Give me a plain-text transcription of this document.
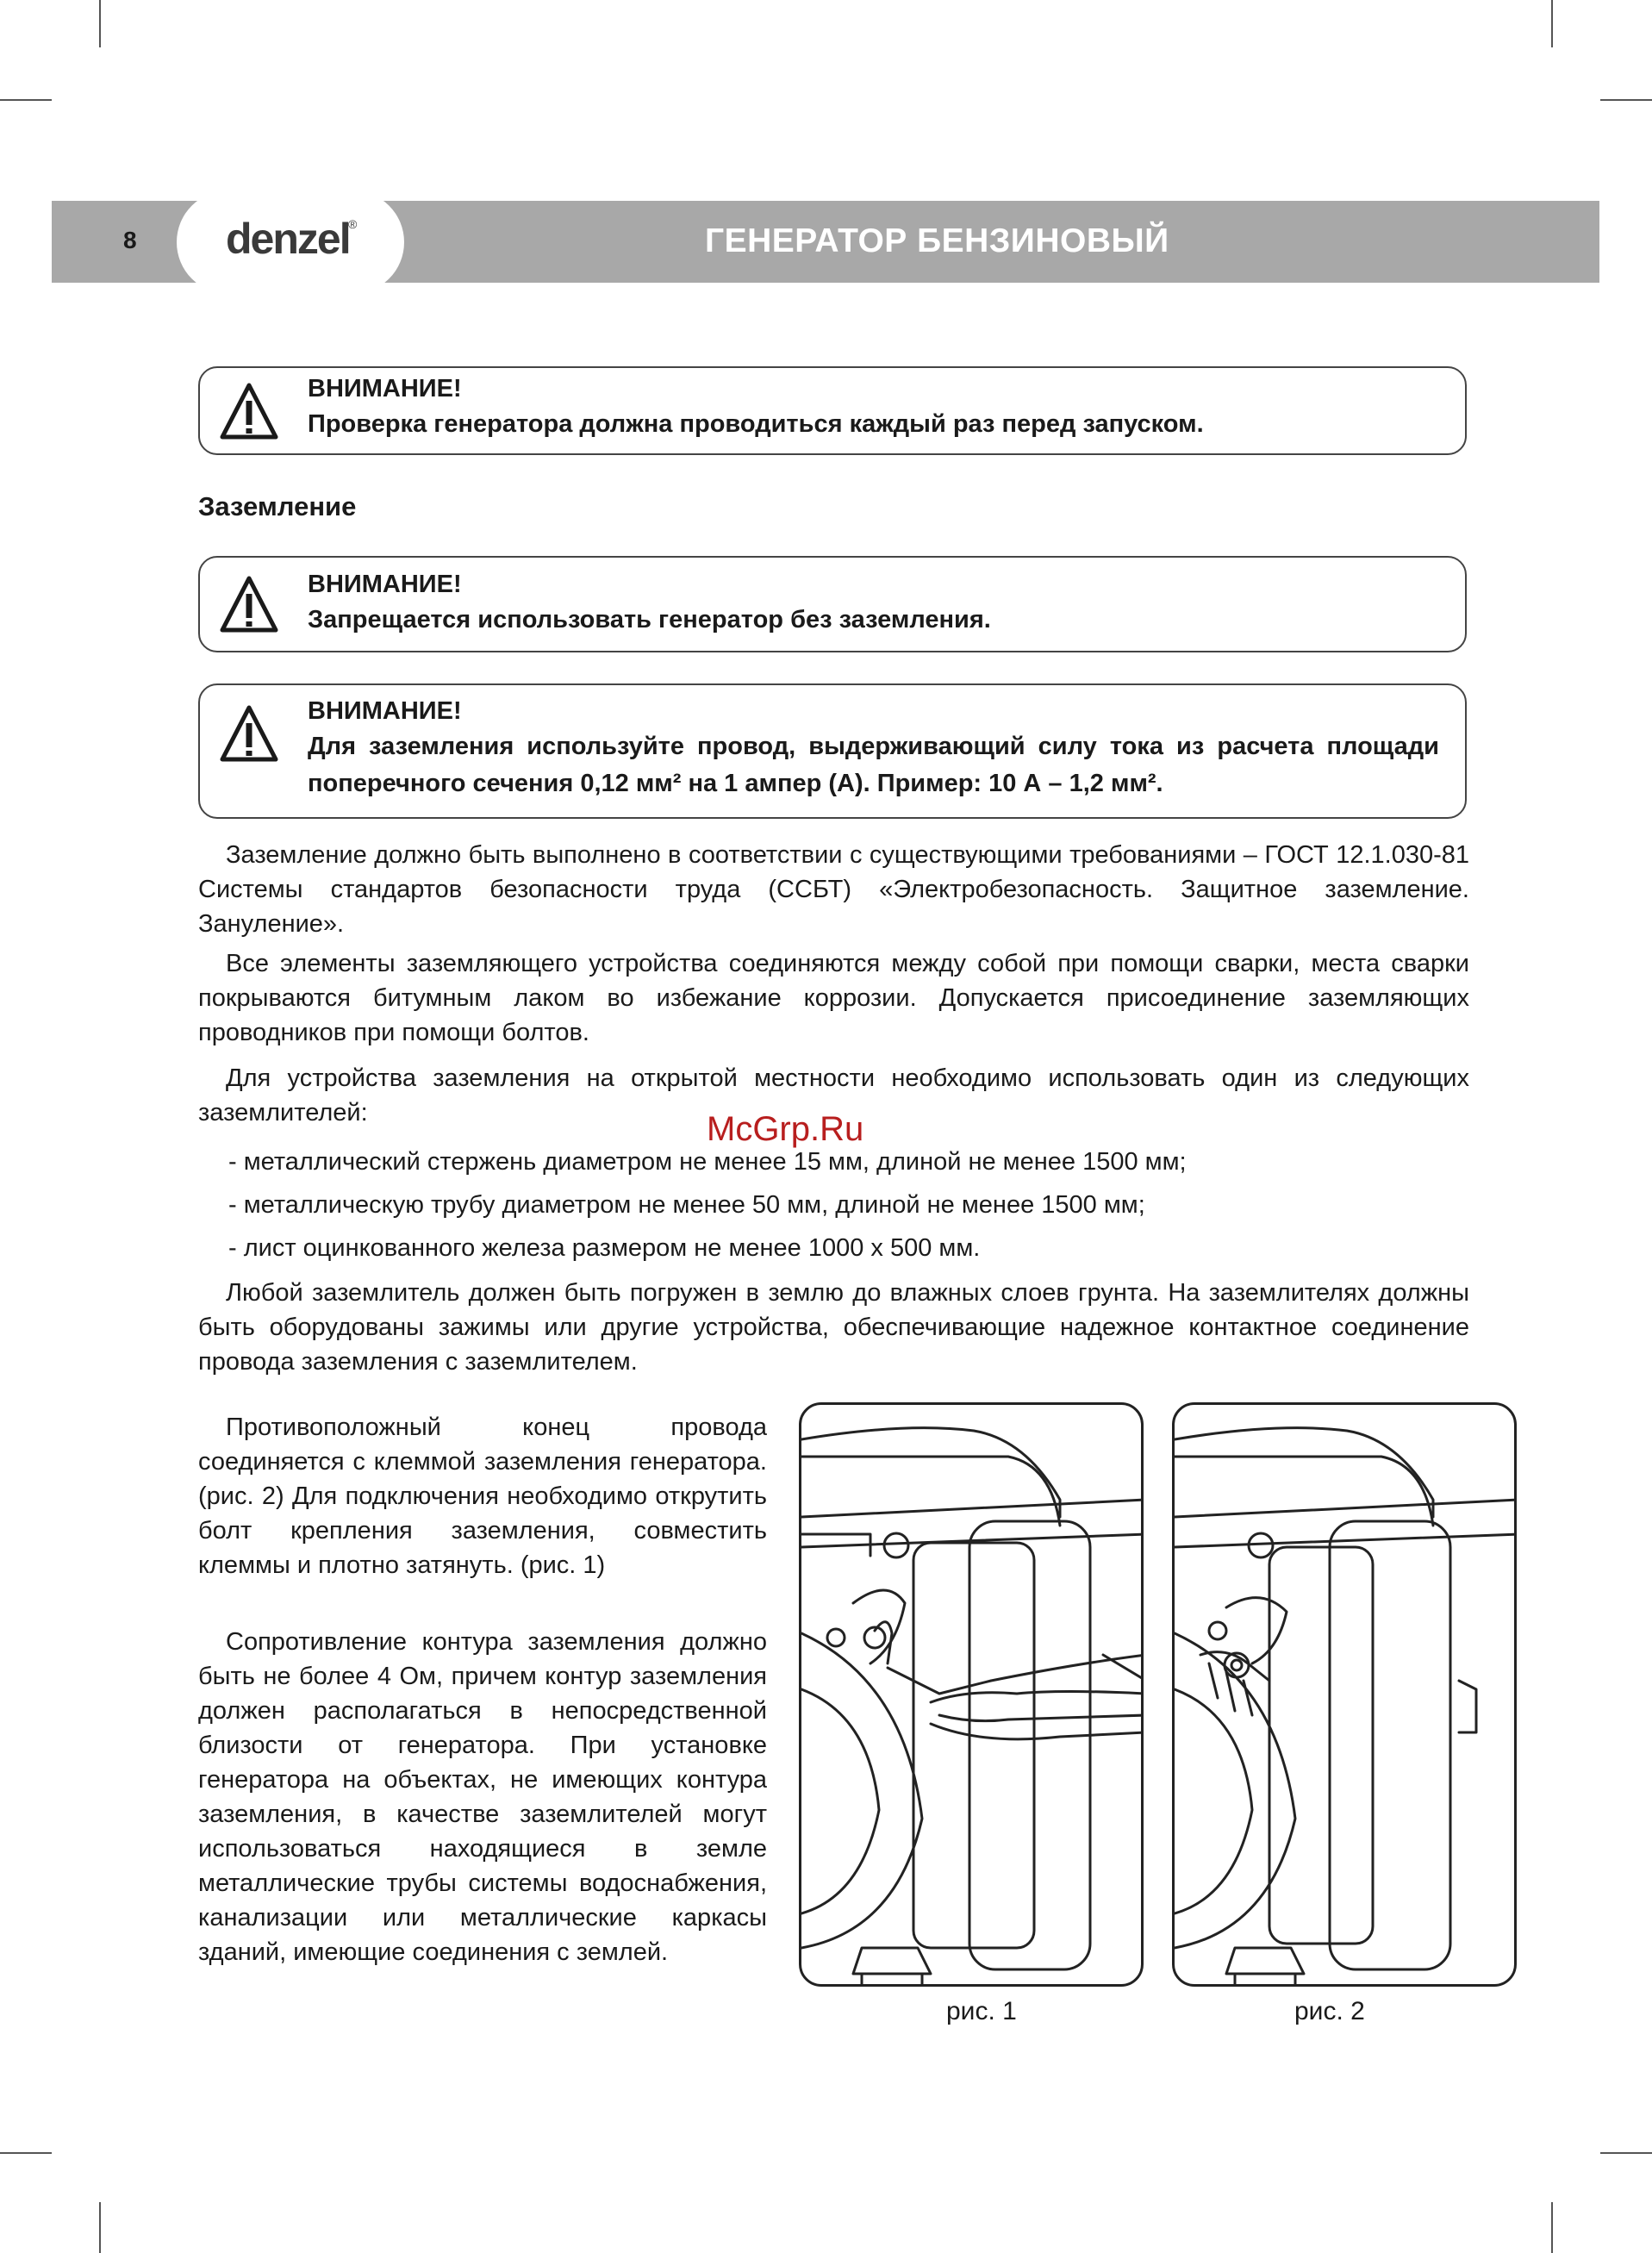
8 denzel
®	ГЕНЕРАТОР БЕНЗИНОВЫЙ
ВНИМАНИЕ!
Проверка генератора должна проводиться каждый раз перед запуском.
Заземление
ВНИМАНИЕ!
Запрещается использовать генератор без заземления.
ВНИМАНИЕ!
Для заземления используйте провод, выдерживающий силу тока из расчета площади поперечного сечения 0,12 мм² на 1 ампер (А). Пример: 10 А – 1,2 мм².
Заземление должно быть выполнено в соответствии с существующими требованиями – ГОСТ 12.1.030-81 Системы стандартов безопасности труда (ССБТ) «Электробезопасность. Защитное заземление. Зануление».
Все элементы заземляющего устройства соединяются между собой при помощи сварки, места сварки покрываются битумным лаком во избежание коррозии. Допускается присоединение заземляющих проводников при помощи болтов.
Для устройства заземления на открытой местности необходимо использовать один из следующих заземлителей:	McGrp.Ru
- металлический стержень диаметром не менее 15 мм, длиной не менее 1500 мм;
- металлическую трубу диаметром не менее 50 мм, длиной не менее 1500 мм;
- лист оцинкованного железа размером не менее 1000 х 500 мм.
Любой заземлитель должен быть погружен в землю до влажных слоев грунта. На заземлителях должны быть оборудованы зажимы или другие устройства, обеспечивающие надежное контактное соединение провода заземления с заземлителем.
Противоположный конец провода соединяется с клеммой заземления генератора. (рис. 2) Для подключения необходимо открутить болт крепления заземления, совместить клеммы и плотно затянуть. (рис. 1)
Сопротивление контура заземления должно быть не более 4 Ом, причем контур заземления должен располагаться в непосредственной близости от генератора. При установке генератора на объектах, не имеющих контура заземления, в качестве заземлителей могут использоваться находящиеся в земле металлические трубы системы водоснабжения, канализации или металлические каркасы зданий, имеющие соединения с землей.
рис. 1	рис. 2
